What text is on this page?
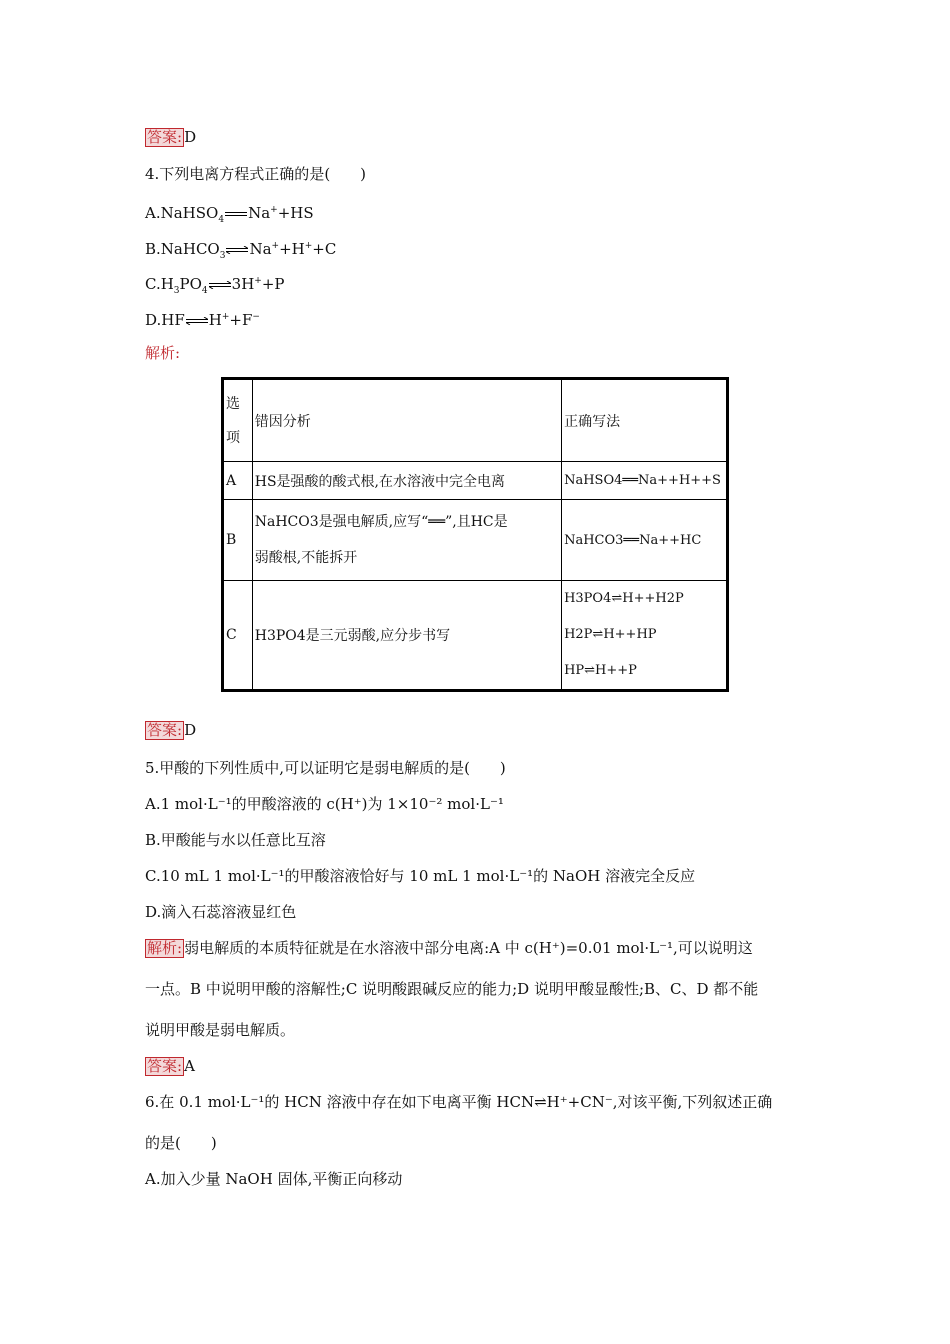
答案: D
4.下列电离方程式正确的是(　　)
A.NaHSO$_4$ Na++HS
B.NaHCO$_3$ Na++H++C
$C.H_3PO_4$ 3H++P
D.HF H++F−
解析:
选项	错因分析	正确写法
A	HS是强酸的酸式根,在水溶液中完全电离	NaHSO4══Na++H++S
B	NaHCO3是强电解质,应写“══”,且HC是
弱酸根,不能拆开	NaHCO3══Na++HC
C	H3PO4是三元弱酸,应分步书写	H3PO4⇌H++H2P
H2P⇌H++HP
HP⇌H++P
答案: D
5.甲酸的下列性质中,可以证明它是弱电解质的是(　　)
A.1 mol·L⁻¹的甲酸溶液的 c(H⁺)为 1×10⁻² mol·L⁻¹
B.甲酸能与水以任意比互溶
C.10 mL 1 mol·L⁻¹的甲酸溶液恰好与 10 mL 1 mol·L⁻¹的 NaOH 溶液完全反应
D.滴入石蕊溶液显红色
解析: 弱电解质的本质特征就是在水溶液中部分电离:A 中 c(H⁺)=0.01 mol·L⁻¹,可以说明这
一点。B 中说明甲酸的溶解性;C 说明酸跟碱反应的能力;D 说明甲酸显酸性;B、C、D 都不能
说明甲酸是弱电解质。
答案: A
6.在 0.1 mol·L⁻¹的 HCN 溶液中存在如下电离平衡 HCN⇌H⁺+CN⁻,对该平衡,下列叙述正确
的是(　　)
A.加入少量 NaOH 固体,平衡正向移动
